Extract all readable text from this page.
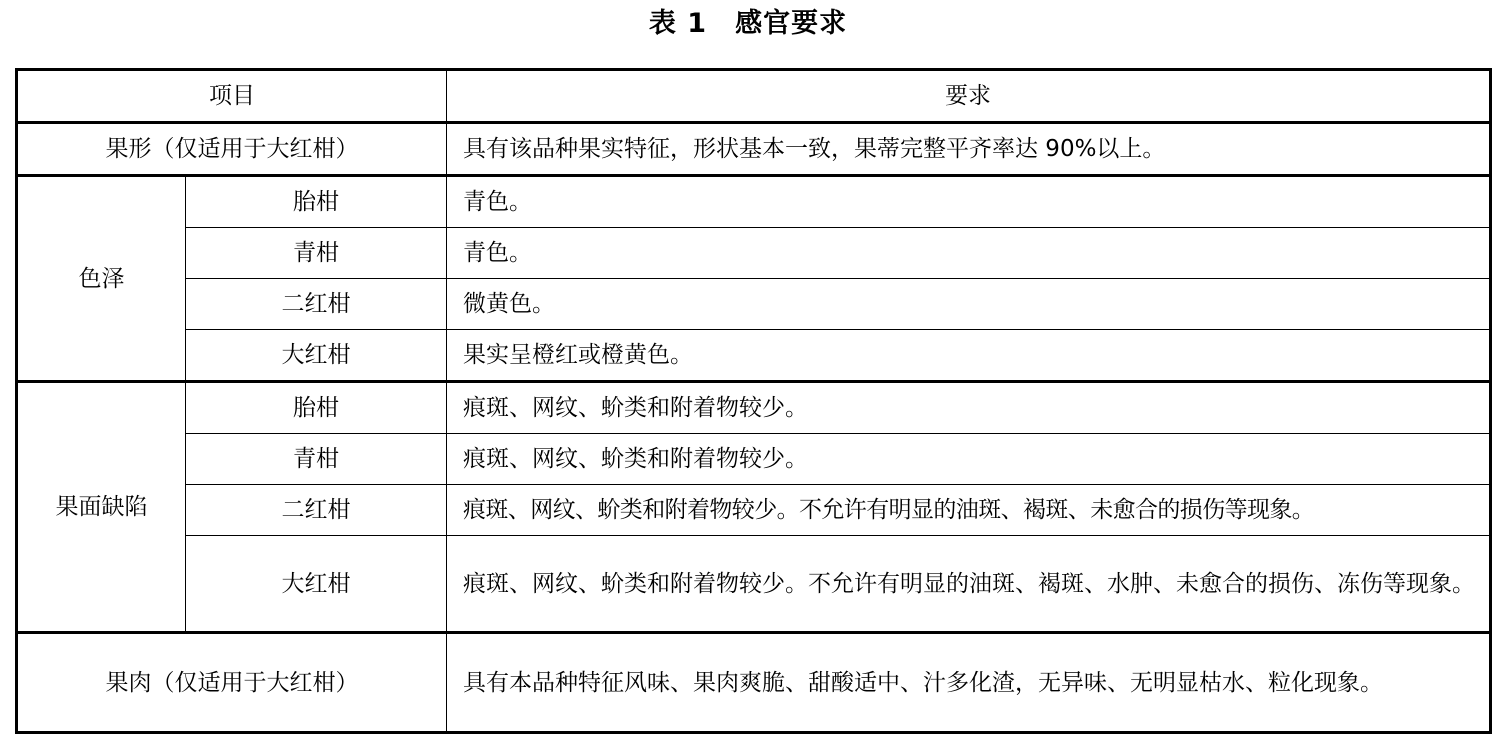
表 1　感官要求
项目		要求
果形（仅适用于大红柑）		具有该品种果实特征，形状基本一致，果蒂完整平齐率达 90%以上。
色泽	胎柑	青色。
	青柑	青色。
	二红柑	微黄色。
	大红柑	果实呈橙红或橙黄色。
果面缺陷	胎柑	痕斑、网纹、蚧类和附着物较少。
	青柑	痕斑、网纹、蚧类和附着物较少。
	二红柑	痕斑、网纹、蚧类和附着物较少。不允许有明显的油斑、褐斑、未愈合的损伤等现象。
	大红柑	痕斑、网纹、蚧类和附着物较少。不允许有明显的油斑、褐斑、水肿、未愈合的损伤、冻伤等现象。
果肉（仅适用于大红柑）		具有本品种特征风味、果肉爽脆、甜酸适中、汁多化渣，无异味、无明显枯水、粒化现象。
